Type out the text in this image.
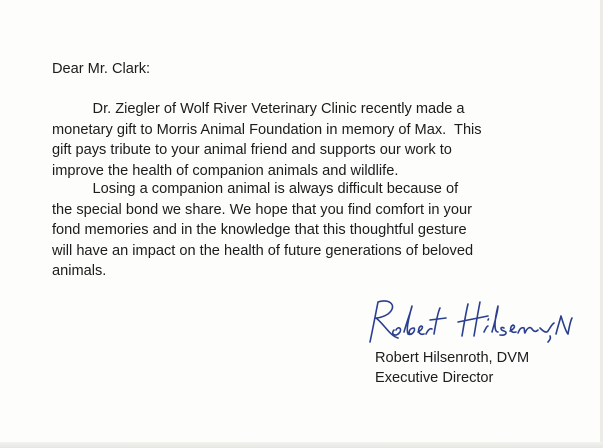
Dear Mr. Clark:

Dr. Ziegler of Wolf River Veterinary Clinic recently made a
monetary gift to Morris Animal Foundation in memory of Max.  This
gift pays tribute to your animal friend and supports our work to
improve the health of companion animals and wildlife.

Losing a companion animal is always difficult because of
the special bond we share. We hope that you find comfort in your
fond memories and in the knowledge that this thoughtful gesture
will have an impact on the health of future generations of beloved
animals.

Robert Hilsenroth, DVM
Executive Director
